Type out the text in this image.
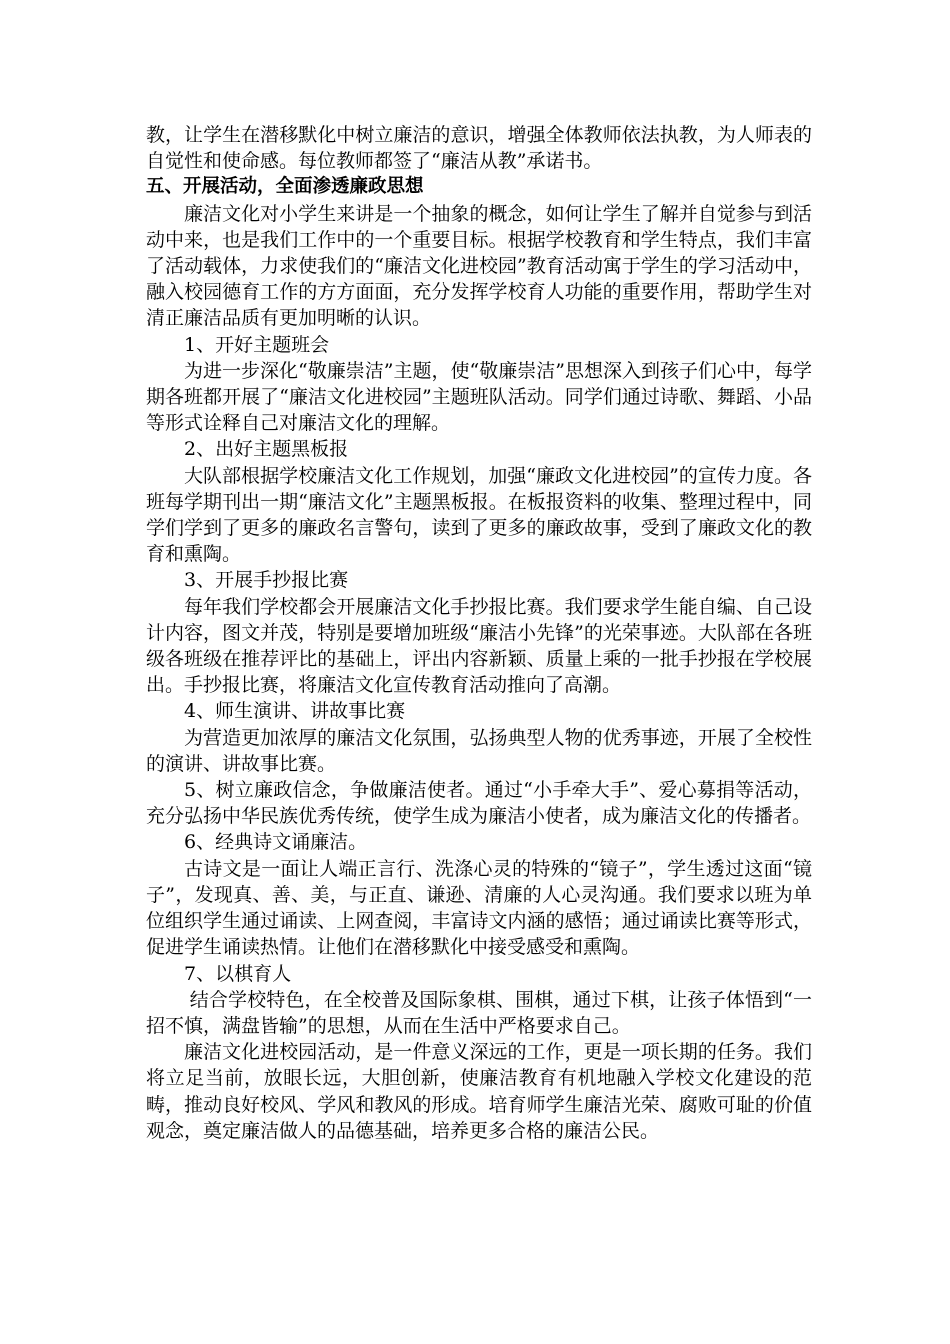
教，让学生在潜移默化中树立廉洁的意识，增强全体教师依法执教，为人师表的自觉性和使命感。每位教师都签了“廉洁从教”承诺书。

五、开展活动，全面渗透廉政思想

廉洁文化对小学生来讲是一个抽象的概念，如何让学生了解并自觉参与到活动中来，也是我们工作中的一个重要目标。根据学校教育和学生特点，我们丰富了活动载体，力求使我们的“廉洁文化进校园”教育活动寓于学生的学习活动中，融入校园德育工作的方方面面，充分发挥学校育人功能的重要作用，帮助学生对清正廉洁品质有更加明晰的认识。

1、开好主题班会

为进一步深化“敬廉崇洁”主题，使“敬廉崇洁”思想深入到孩子们心中，每学期各班都开展了“廉洁文化进校园”主题班队活动。同学们通过诗歌、舞蹈、小品等形式诠释自己对廉洁文化的理解。

2、出好主题黑板报

大队部根据学校廉洁文化工作规划，加强“廉政文化进校园”的宣传力度。各班每学期刊出一期“廉洁文化”主题黑板报。在板报资料的收集、整理过程中，同学们学到了更多的廉政名言警句，读到了更多的廉政故事，受到了廉政文化的教育和熏陶。

3、开展手抄报比赛

每年我们学校都会开展廉洁文化手抄报比赛。我们要求学生能自编、自己设计内容，图文并茂，特别是要增加班级“廉洁小先锋”的光荣事迹。大队部在各班级各班级在推荐评比的基础上，评出内容新颖、质量上乘的一批手抄报在学校展出。手抄报比赛，将廉洁文化宣传教育活动推向了高潮。

4、师生演讲、讲故事比赛

为营造更加浓厚的廉洁文化氛围，弘扬典型人物的优秀事迹，开展了全校性的演讲、讲故事比赛。

5、树立廉政信念，争做廉洁使者。通过“小手牵大手”、爱心募捐等活动，充分弘扬中华民族优秀传统，使学生成为廉洁小使者，成为廉洁文化的传播者。

6、经典诗文诵廉洁。

古诗文是一面让人端正言行、洗涤心灵的特殊的“镜子”，学生透过这面“镜子”，发现真、善、美，与正直、谦逊、清廉的人心灵沟通。我们要求以班为单位组织学生通过诵读、上网查阅，丰富诗文内涵的感悟；通过诵读比赛等形式，促进学生诵读热情。让他们在潜移默化中接受感受和熏陶。

7、以棋育人

结合学校特色，在全校普及国际象棋、围棋，通过下棋，让孩子体悟到“一招不慎，满盘皆输”的思想，从而在生活中严格要求自己。

廉洁文化进校园活动，是一件意义深远的工作，更是一项长期的任务。我们将立足当前，放眼长远，大胆创新，使廉洁教育有机地融入学校文化建设的范畴，推动良好校风、学风和教风的形成。培育师学生廉洁光荣、腐败可耻的价值观念，奠定廉洁做人的品德基础，培养更多合格的廉洁公民。
